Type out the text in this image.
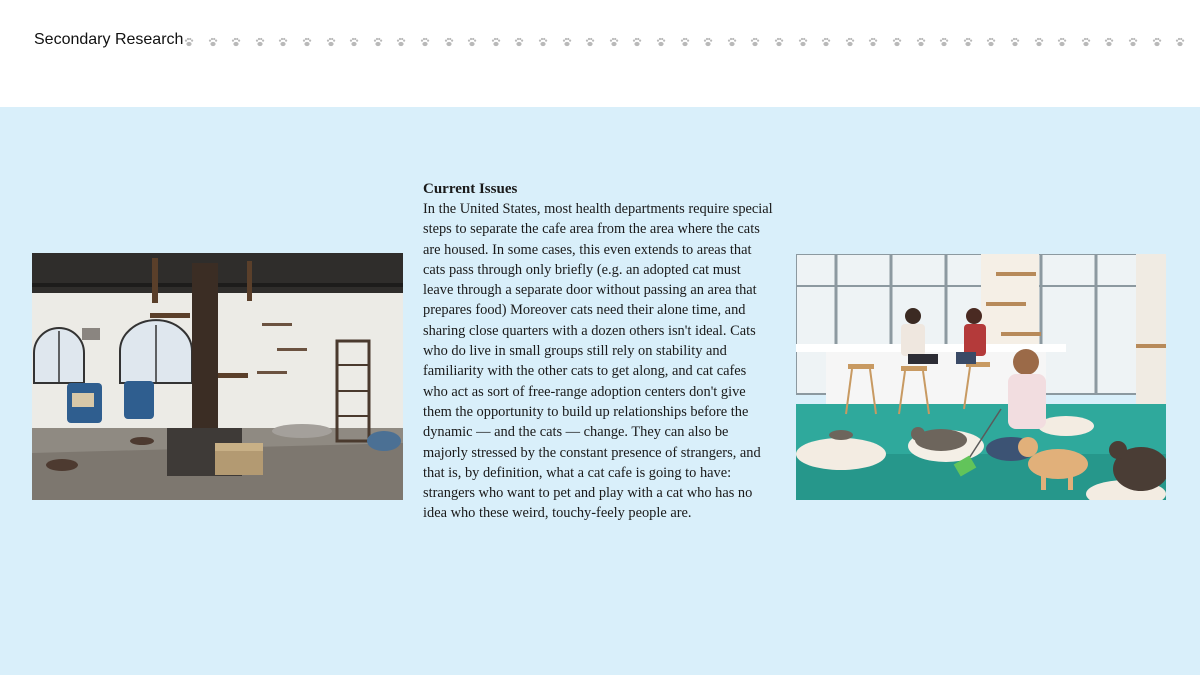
Secondary Research
Current Issues

In the United States, most health departments require special steps to separate the cafe area from the area where the cats are housed. In some cases, this even extends to areas that cats pass through only briefly (e.g. an adopted cat must leave through a separate door without passing an area that prepares food) Moreover cats need their alone time, and sharing close quarters with a dozen others isn't ideal. Cats who do live in small groups still rely on stability and familiarity with the other cats to get along, and cat cafes who act as sort of free-range adoption centers don't give them the opportunity to build up relationships before the dynamic — and the cats — change. They can also be majorly stressed by the constant presence of strangers, and that is, by definition, what a cat cafe is going to have: strangers who want to pet and play with a cat who has no idea who these weird, touchy-feely people are.
